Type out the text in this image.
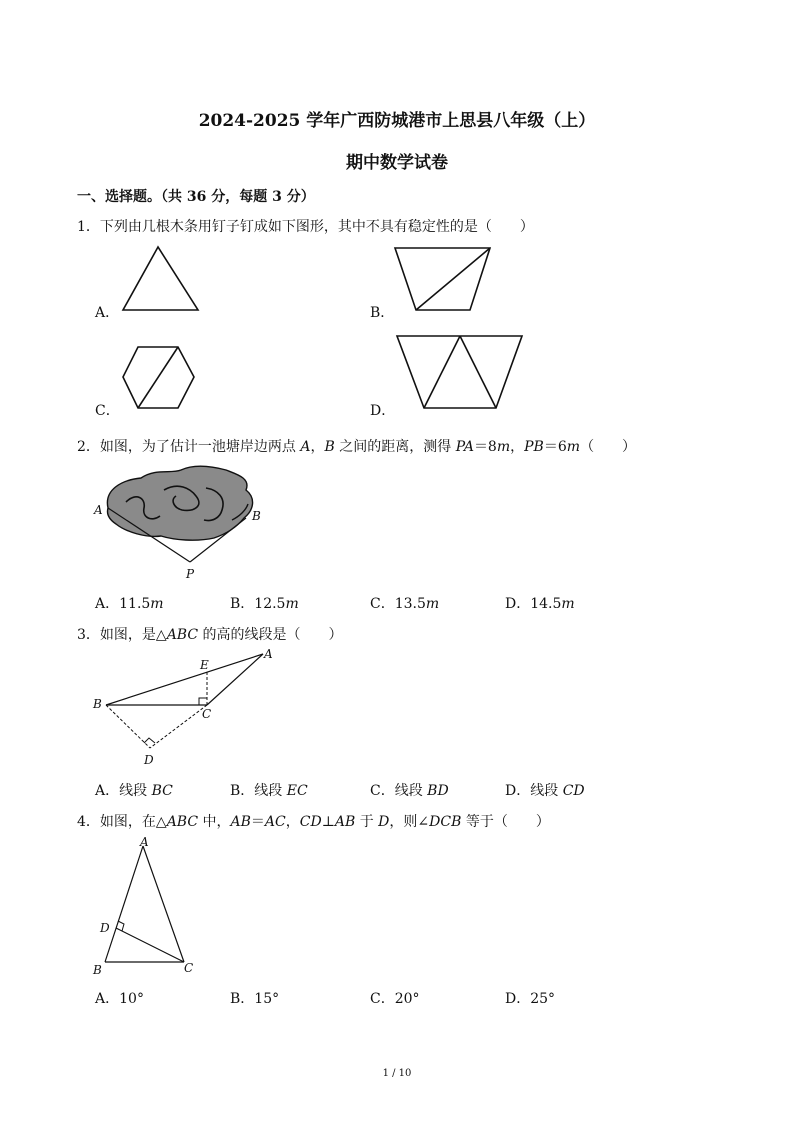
2024-2025 学年广西防城港市上思县八年级（上）
期中数学试卷
一、选择题。（共 36 分，每题 3 分）
1．下列由几根木条用钉子钉成如下图形，其中不具有稳定性的是（　　）
A．	B．
C．	D．
2．如图，为了估计一池塘岸边两点 A，B 之间的距离，测得 PA＝8m，PB＝6m（　　）
A	B
P
A．11.5m	B．12.5m	C．13.5m	D．14.5m
3．如图，是△ABC 的高的线段是（　　）
A
B
C
D
E
A．线段 BC	B．线段 EC	C．线段 BD	D．线段 CD
4．如图，在△ABC 中，AB＝AC，CD⊥AB 于 D，则∠DCB 等于（　　）
A
B	C
D
A．10°	B．15°	C．20°	D．25°
1 / 10
